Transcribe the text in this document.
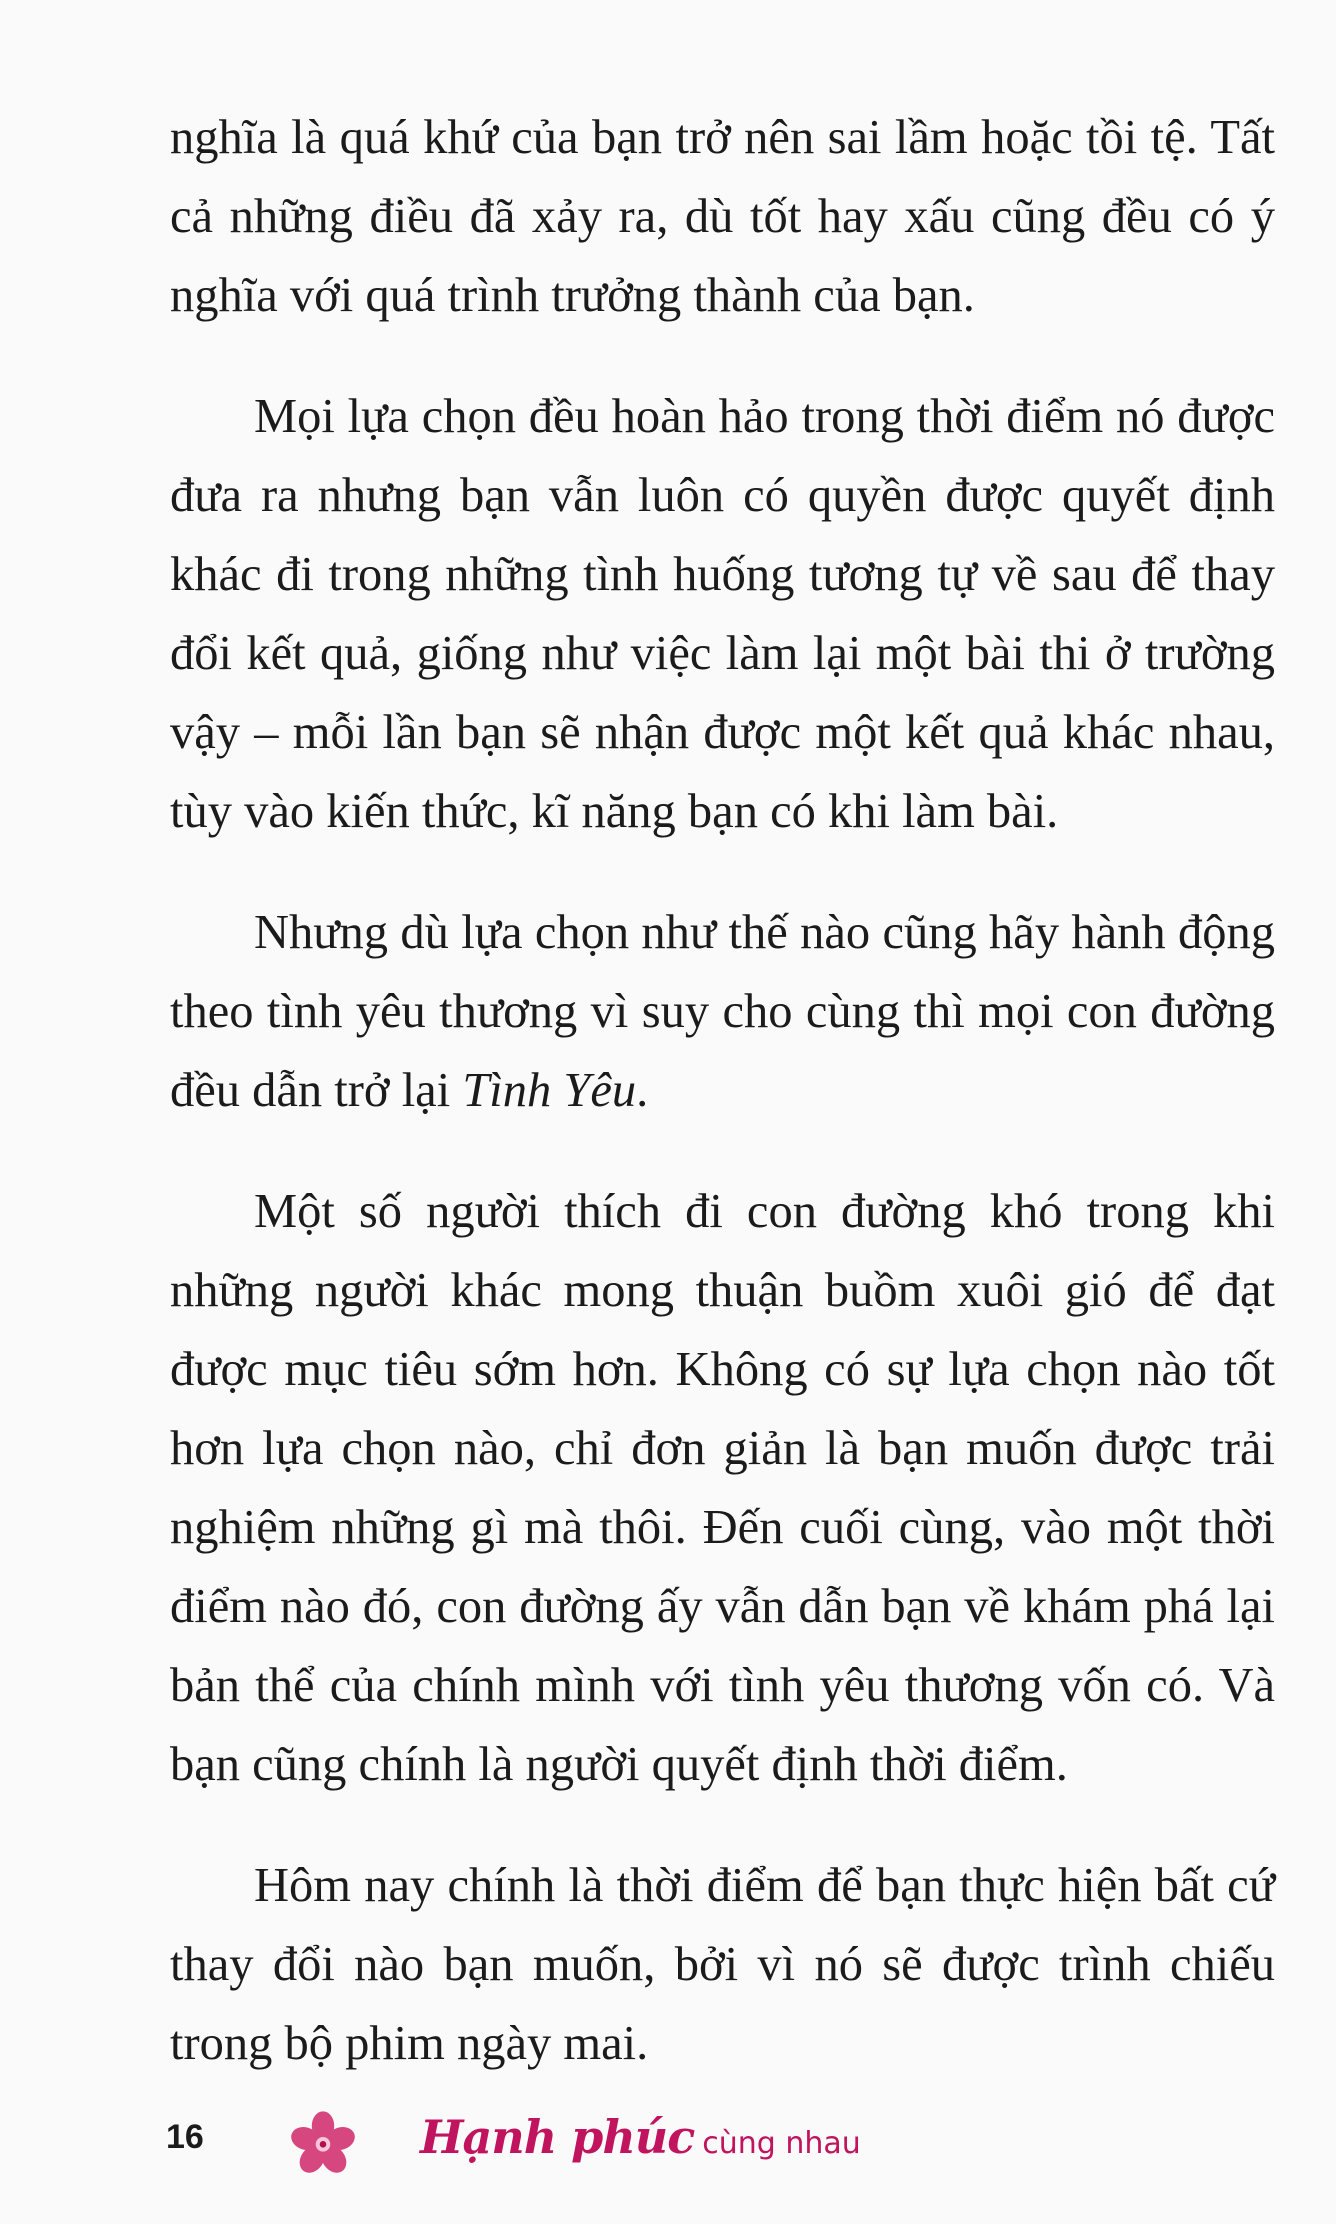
nghĩa là quá khứ của bạn trở nên sai lầm hoặc tồi tệ. Tất cả những điều đã xảy ra, dù tốt hay xấu cũng đều có ý nghĩa với quá trình trưởng thành của bạn.

Mọi lựa chọn đều hoàn hảo trong thời điểm nó được đưa ra nhưng bạn vẫn luôn có quyền được quyết định khác đi trong những tình huống tương tự về sau để thay đổi kết quả, giống như việc làm lại một bài thi ở trường vậy – mỗi lần bạn sẽ nhận được một kết quả khác nhau, tùy vào kiến thức, kĩ năng bạn có khi làm bài.

Nhưng dù lựa chọn như thế nào cũng hãy hành động theo tình yêu thương vì suy cho cùng thì mọi con đường đều dẫn trở lại Tình Yêu.

Một số người thích đi con đường khó trong khi những người khác mong thuận buồm xuôi gió để đạt được mục tiêu sớm hơn. Không có sự lựa chọn nào tốt hơn lựa chọn nào, chỉ đơn giản là bạn muốn được trải nghiệm những gì mà thôi. Đến cuối cùng, vào một thời điểm nào đó, con đường ấy vẫn dẫn bạn về khám phá lại bản thể của chính mình với tình yêu thương vốn có. Và bạn cũng chính là người quyết định thời điểm.

Hôm nay chính là thời điểm để bạn thực hiện bất cứ thay đổi nào bạn muốn, bởi vì nó sẽ được trình chiếu trong bộ phim ngày mai.

16	Hạnh phúc cùng nhau
